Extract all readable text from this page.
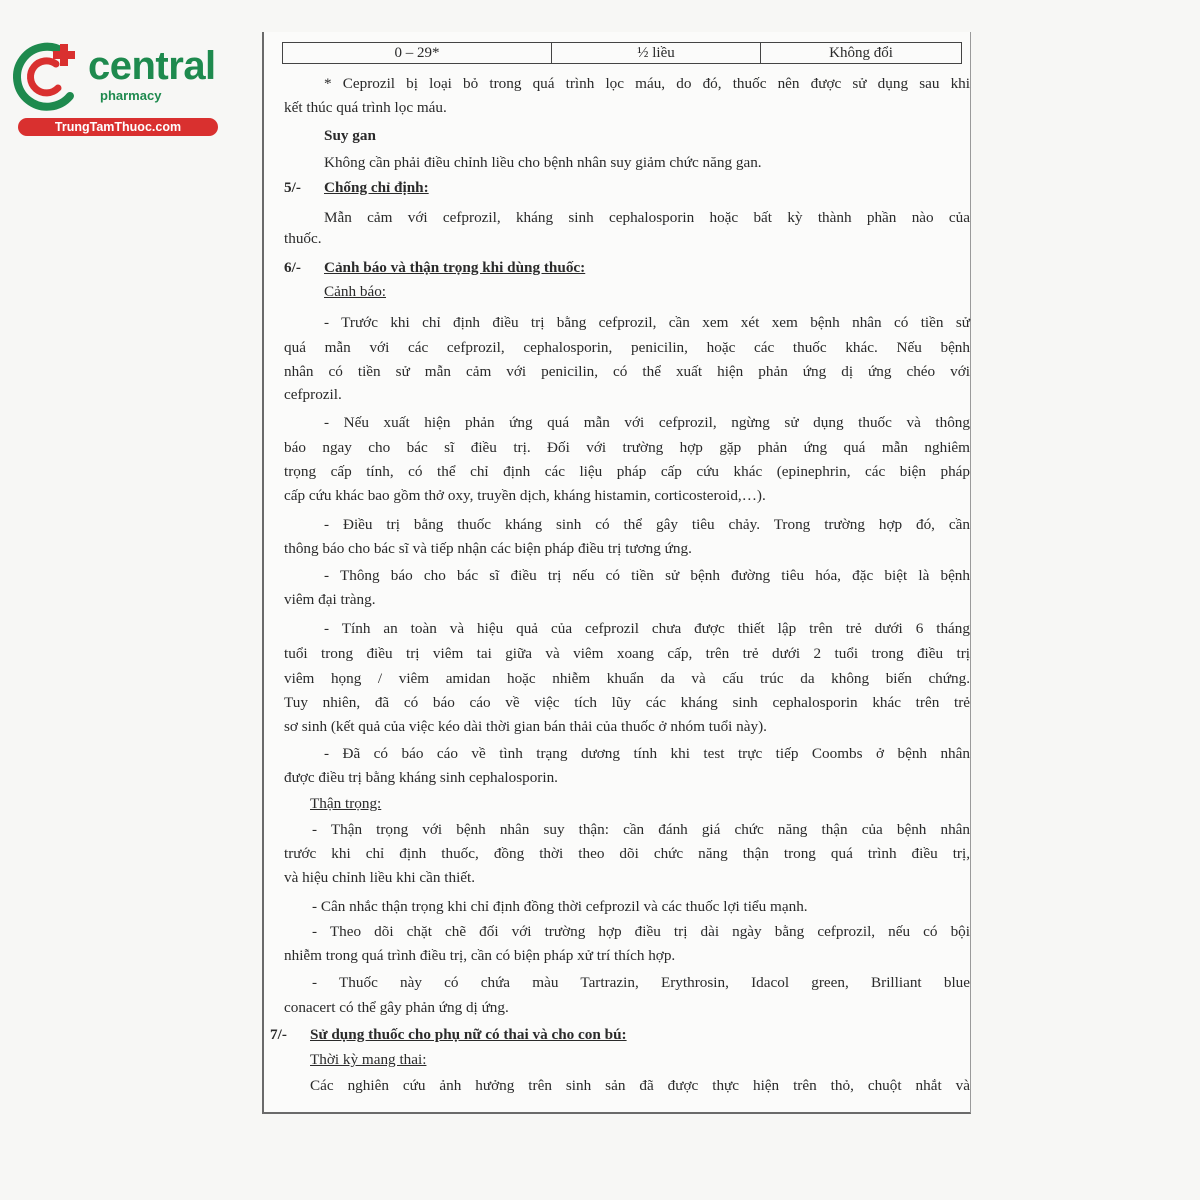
0 – 29*	½ liều	Không đổi
* Ceprozil bị loại bỏ trong quá trình lọc máu, do đó, thuốc nên được sử dụng sau khi
kết thúc quá trình lọc máu.
Suy gan
Không cần phải điều chỉnh liều cho bệnh nhân suy giảm chức năng gan.
5/- Chống chỉ định:
Mẫn cảm với cefprozil, kháng sinh cephalosporin hoặc bất kỳ thành phần nào của
thuốc.
6/- Cảnh báo và thận trọng khi dùng thuốc:
Cảnh báo:
- Trước khi chỉ định điều trị bằng cefprozil, cần xem xét xem bệnh nhân có tiền sử
quá mẫn với các cefprozil, cephalosporin, penicilin, hoặc các thuốc khác. Nếu bệnh
nhân có tiền sử mẫn cảm với penicilin, có thể xuất hiện phản ứng dị ứng chéo với
cefprozil.
- Nếu xuất hiện phản ứng quá mẫn với cefprozil, ngừng sử dụng thuốc và thông
báo ngay cho bác sĩ điều trị. Đối với trường hợp gặp phản ứng quá mẫn nghiêm
trọng cấp tính, có thể chỉ định các liệu pháp cấp cứu khác (epinephrin, các biện pháp
cấp cứu khác bao gồm thở oxy, truyền dịch, kháng histamin, corticosteroid,…).
- Điều trị bằng thuốc kháng sinh có thể gây tiêu chảy. Trong trường hợp đó, cần
thông báo cho bác sĩ và tiếp nhận các biện pháp điều trị tương ứng.
- Thông báo cho bác sĩ điều trị nếu có tiền sử bệnh đường tiêu hóa, đặc biệt là bệnh
viêm đại tràng.
- Tính an toàn và hiệu quả của cefprozil chưa được thiết lập trên trẻ dưới 6 tháng
tuổi trong điều trị viêm tai giữa và viêm xoang cấp, trên trẻ dưới 2 tuổi trong điều trị
viêm họng / viêm amidan hoặc nhiễm khuẩn da và cấu trúc da không biến chứng.
Tuy nhiên, đã có báo cáo về việc tích lũy các kháng sinh cephalosporin khác trên trẻ
sơ sinh (kết quả của việc kéo dài thời gian bán thải của thuốc ở nhóm tuổi này).
- Đã có báo cáo về tình trạng dương tính khi test trực tiếp Coombs ở bệnh nhân
được điều trị bằng kháng sinh cephalosporin.
Thận trọng:
- Thận trọng với bệnh nhân suy thận: cần đánh giá chức năng thận của bệnh nhân
trước khi chỉ định thuốc, đồng thời theo dõi chức năng thận trong quá trình điều trị,
và hiệu chỉnh liều khi cần thiết.
- Cân nhắc thận trọng khi chỉ định đồng thời cefprozil và các thuốc lợi tiểu mạnh.
- Theo dõi chặt chẽ đối với trường hợp điều trị dài ngày bằng cefprozil, nếu có bội
nhiễm trong quá trình điều trị, cần có biện pháp xử trí thích hợp.
- Thuốc này có chứa màu Tartrazin, Erythrosin, Idacol green, Brilliant blue
conacert có thể gây phản ứng dị ứng.
7/- Sử dụng thuốc cho phụ nữ có thai và cho con bú:
Thời kỳ mang thai:
Các nghiên cứu ảnh hưởng trên sinh sản đã được thực hiện trên thỏ, chuột nhắt và
central
pharmacy
TrungTamThuoc.com
